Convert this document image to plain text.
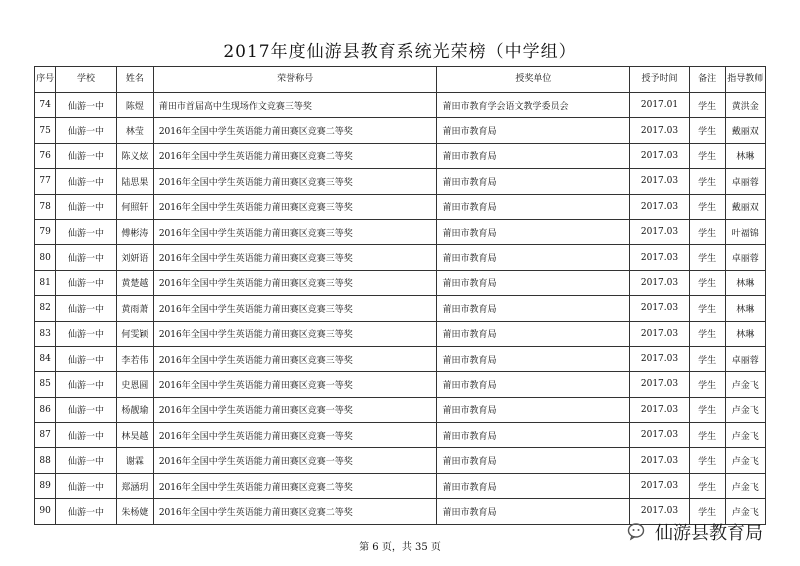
2017年度仙游县教育系统光荣榜（中学组）
序号	学校	姓名	荣誉称号	授奖单位	授予时间	备注	指导教师
74	仙游一中	陈煜	莆田市首届高中生现场作文竞赛三等奖	莆田市教育学会语文教学委员会	2017.01	学生	黄洪金
75	仙游一中	林莹	2016年全国中学生英语能力莆田赛区竞赛二等奖	莆田市教育局	2017.03	学生	戴丽双
76	仙游一中	陈义炫	2016年全国中学生英语能力莆田赛区竞赛二等奖	莆田市教育局	2017.03	学生	林琳
77	仙游一中	陆思果	2016年全国中学生英语能力莆田赛区竞赛三等奖	莆田市教育局	2017.03	学生	卓丽蓉
78	仙游一中	何照轩	2016年全国中学生英语能力莆田赛区竞赛三等奖	莆田市教育局	2017.03	学生	戴丽双
79	仙游一中	傅彬涛	2016年全国中学生英语能力莆田赛区竞赛三等奖	莆田市教育局	2017.03	学生	叶福锦
80	仙游一中	刘妍语	2016年全国中学生英语能力莆田赛区竞赛三等奖	莆田市教育局	2017.03	学生	卓丽蓉
81	仙游一中	黄楚越	2016年全国中学生英语能力莆田赛区竞赛三等奖	莆田市教育局	2017.03	学生	林琳
82	仙游一中	黄雨萧	2016年全国中学生英语能力莆田赛区竞赛三等奖	莆田市教育局	2017.03	学生	林琳
83	仙游一中	何雯颖	2016年全国中学生英语能力莆田赛区竞赛三等奖	莆田市教育局	2017.03	学生	林琳
84	仙游一中	李若伟	2016年全国中学生英语能力莆田赛区竞赛三等奖	莆田市教育局	2017.03	学生	卓丽蓉
85	仙游一中	史恩圆	2016年全国中学生英语能力莆田赛区竞赛一等奖	莆田市教育局	2017.03	学生	卢金飞
86	仙游一中	杨靓瑜	2016年全国中学生英语能力莆田赛区竞赛一等奖	莆田市教育局	2017.03	学生	卢金飞
87	仙游一中	林昊越	2016年全国中学生英语能力莆田赛区竞赛一等奖	莆田市教育局	2017.03	学生	卢金飞
88	仙游一中	谢霖	2016年全国中学生英语能力莆田赛区竞赛一等奖	莆田市教育局	2017.03	学生	卢金飞
89	仙游一中	郑涵玥	2016年全国中学生英语能力莆田赛区竞赛二等奖	莆田市教育局	2017.03	学生	卢金飞
90	仙游一中	朱杨婕	2016年全国中学生英语能力莆田赛区竞赛二等奖	莆田市教育局	2017.03	学生	卢金飞
第 6 页，共 35 页
仙游县教育局
